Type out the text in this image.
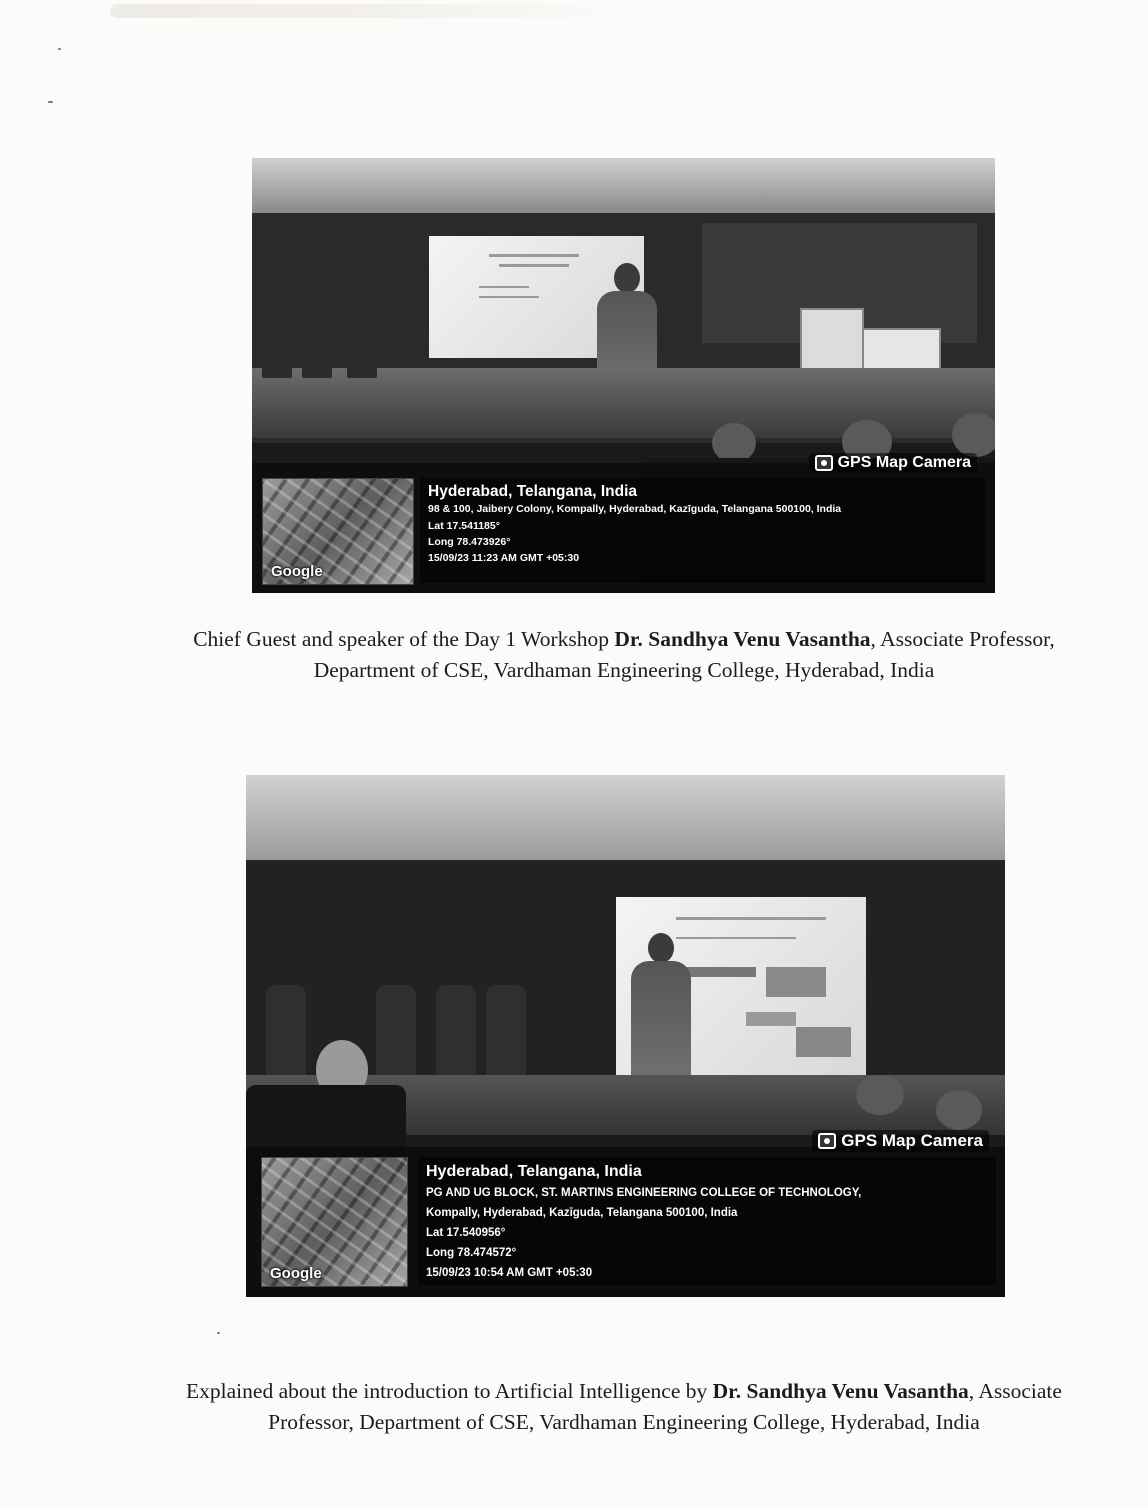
GPS Map Camera
Google
Hyderabad, Telangana, India
98 & 100, Jaibery Colony, Kompally, Hyderabad, Kazīguda, Telangana 500100, India
Lat 17.541185°
Long 78.473926°
15/09/23 11:23 AM GMT +05:30
Chief Guest and speaker of the Day 1 Workshop Dr. Sandhya Venu Vasantha, Associate Professor,
Department of CSE, Vardhaman Engineering College, Hyderabad, India
GPS Map Camera
Google
Hyderabad, Telangana, India
PG AND UG BLOCK, ST. MARTINS ENGINEERING COLLEGE OF TECHNOLOGY,
Kompally, Hyderabad, Kazīguda, Telangana 500100, India
Lat 17.540956°
Long 78.474572°
15/09/23 10:54 AM GMT +05:30
Explained about the introduction to Artificial Intelligence by Dr. Sandhya Venu Vasantha, Associate
Professor, Department of CSE, Vardhaman Engineering College, Hyderabad, India
